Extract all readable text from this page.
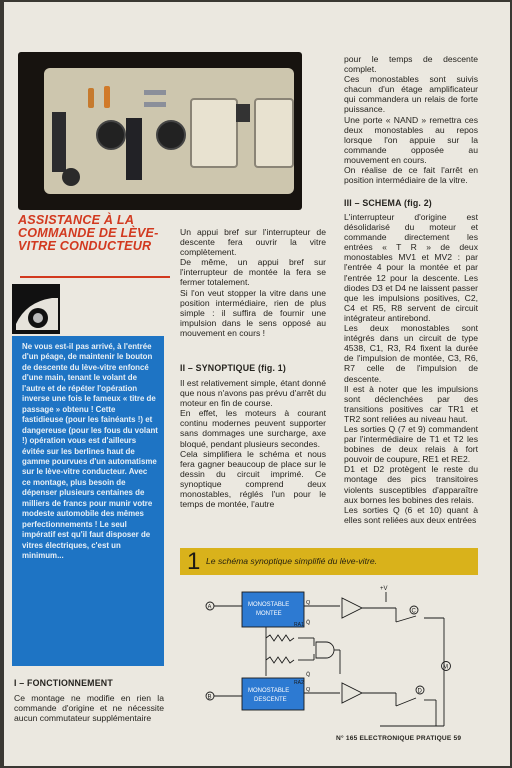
ASSISTANCE À LA COMMANDE DE LÈVE-VITRE CONDUCTEUR

Ne vous est-il pas arrivé, à l'entrée d'un péage, de maintenir le bouton de descente du lève-vitre enfoncé d'une main, tenant le volant de l'autre et de répéter l'opération inverse une fois le fameux « titre de passage » obtenu ! Cette fastidieuse (pour les fainéants !) et dangereuse (pour les fous du volant !) opération vous est d'ailleurs évitée sur les berlines haut de gamme pourvues d'un automatisme sur le lève-vitre conducteur. Avec ce montage, plus besoin de dépenser plusieurs centaines de milliers de francs pour munir votre modeste automobile des mêmes perfectionnements ! Le seul impératif est qu'il faut disposer de vitres électriques, c'est un minimum...

I – FONCTIONNEMENT

Ce montage ne modifie en rien la commande d'origine et ne nécessite aucun commutateur supplémentaire

Un appui bref sur l'interrupteur de descente fera ouvrir la vitre complètement.
De même, un appui bref sur l'interrupteur de montée la fera se fermer totalement.
Si l'on veut stopper la vitre dans une position intermédiaire, rien de plus simple : il suffira de fournir une impulsion dans le sens opposé au mouvement en cours !

II – SYNOPTIQUE (fig. 1)

Il est relativement simple, étant donné que nous n'avons pas prévu d'arrêt du moteur en fin de course.
En effet, les moteurs à courant continu modernes peuvent supporter sans dommages une surcharge, axe bloqué, pendant plusieurs secondes.
Cela simplifiera le schéma et nous fera gagner beaucoup de place sur le dessin du circuit imprimé. Ce synoptique comprend deux monostables, réglés l'un pour le temps de montée, l'autre

pour le temps de descente complet.
Ces monostables sont suivis chacun d'un étage amplificateur qui commandera un relais de forte puissance.
Une porte « NAND » remettra ces deux monostables au repos lorsque l'on appuie sur la commande opposée au mouvement en cours.
On réalise de ce fait l'arrêt en position intermédiaire de la vitre.

III – SCHEMA (fig. 2)

L'interrupteur d'origine est désolidarisé du moteur et commande directement les entrées « T R » de deux monostables MV1 et MV2 : par l'entrée 4 pour la montée et par l'entrée 12 pour la descente. Les diodes D3 et D4 ne laissent passer que les impulsions positives, C2, C4 et R5, R8 servent de circuit intégrateur antirebond.
Les deux monostables sont intégrés dans un circuit de type 4538, C1, R3, R4 fixent la durée de l'impulsion de montée, C3, R6, R7 celle de l'impulsion de descente.
Il est à noter que les impulsions sont déclenchées par des transitions positives car TR1 et TR2 sont reliées au niveau haut.
Les sorties Q (7 et 9) commandent par l'intermédiaire de T1 et T2 les bobines de deux relais à fort pouvoir de coupure, RE1 et RE2.
D1 et D2 protègent le reste du montage des pics transitoires violents susceptibles d'apparaître aux bornes les bobines des relais.
Les sorties Q (6 et 10) quant à elles sont reliées aux deux entrées

1 Le schéma synoptique simplifié du lève-vitre.
A
B
C
D
M
+V
MONOSTABLE
MONTEE
MONOSTABLE
DESCENTE
Q
Q
RA1
RA2
Q̄
Q̄
N° 165 ELECTRONIQUE PRATIQUE 59
